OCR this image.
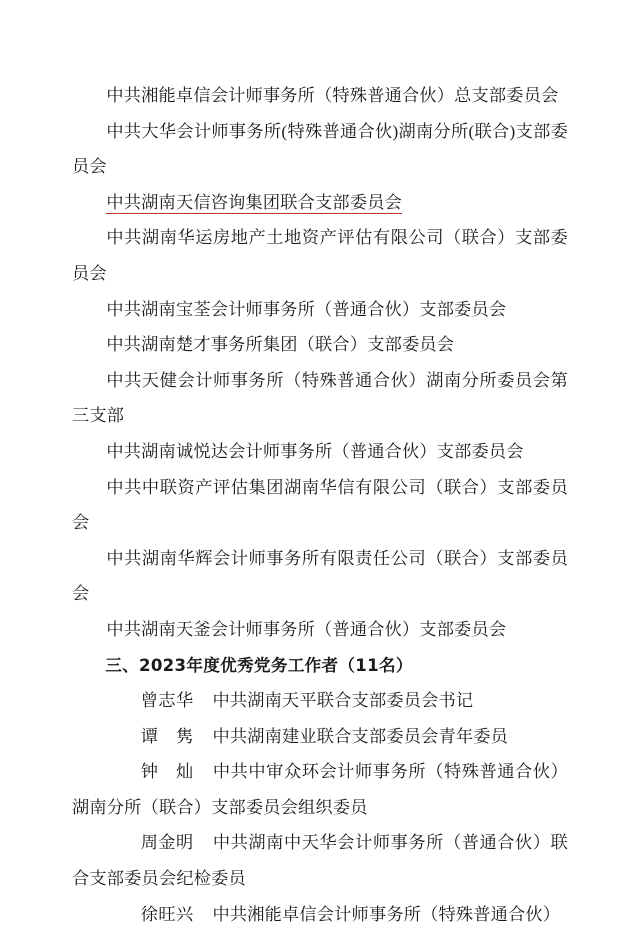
中共湘能卓信会计师事务所（特殊普通合伙）总支部委员会

中共大华会计师事务所(特殊普通合伙)湖南分所(联合)支部委员会

中共湖南天信咨询集团联合支部委员会

中共湖南华运房地产土地资产评估有限公司（联合）支部委员会

中共湖南宝荃会计师事务所（普通合伙）支部委员会

中共湖南楚才事务所集团（联合）支部委员会

中共天健会计师事务所（特殊普通合伙）湖南分所委员会第三支部

中共湖南诚悦达会计师事务所（普通合伙）支部委员会

中共中联资产评估集团湖南华信有限公司（联合）支部委员会

中共湖南华辉会计师事务所有限责任公司（联合）支部委员会

中共湖南天釜会计师事务所（普通合伙）支部委员会

三、2023年度优秀党务工作者（11名）

曾志华 中共湖南天平联合支部委员会书记

谭　隽 中共湖南建业联合支部委员会青年委员

钟　灿 中共中审众环会计师事务所（特殊普通合伙）湖南分所（联合）支部委员会组织委员

周金明 中共湖南中天华会计师事务所（普通合伙）联合支部委员会纪检委员

徐旺兴 中共湘能卓信会计师事务所（特殊普通合伙）
